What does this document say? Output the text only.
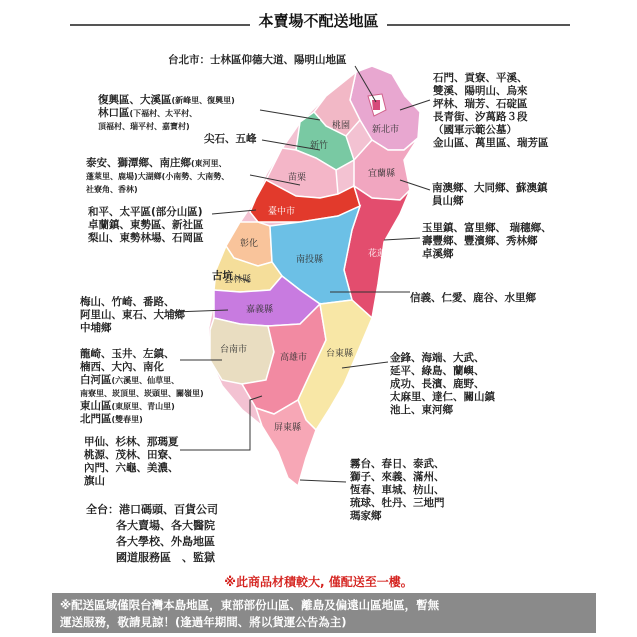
本賣場不配送地區
桃園
新竹
新北市
苗栗	宜蘭縣
臺中市
花蓮縣
彰化
南投縣
雲林縣
嘉義縣
台南市
高雄市 台東縣
屏東縣
台北市：士林區仰德大道、陽明山地區
石門、貢寮、平溪、
雙溪、陽明山、烏來
坪林、瑞芳、石碇區
長青街、汐萬路３段
（國軍示範公墓）
金山區、萬里區、瑞芳區
復興區、大溪區(新峰里、復興里)
林口區(下福村、太平村、
頂福村、瑞平村、嘉寶村)
尖石、五峰
泰安、獅潭鄉、南庄鄉(東河里、
蓬萊里、鹿場)大湖鄉(小南勢、大南勢、
社寮角、香林)	南澳鄉、大同鄉、蘇澳鎮
員山鄉
和平、太平區(部分山區)
卓蘭鎮、東勢區、新社區
梨山、東勢林場、石岡區
玉里鎮、富里鄉、 瑞穗鄉、
壽豐鄉、豐濱鄉、秀林鄉
卓溪鄉
古坑
信義、仁愛、鹿谷、水里鄉
梅山、竹崎、番路、
阿里山、東石、大埔鄉
中埔鄉
龍崎、玉井、左鎮、
楠西、大內、南化
白河區(六溪里、仙草里、
南寮里、崁頂里、崁頭里、關嶺里)
東山區(東原里、青山里)
北門區(雙春里)
金鋒、海端、大武、
延平、綠島、蘭嶼、
成功、長濱、鹿野、
太麻里、達仁、關山鎮
池上、東河鄉
甲仙、杉林、那瑪夏
桃源、茂林、田寮、
內門、六龜、美濃、
旗山
霧台、春日、泰武、
獅子、來義、滿州、
恆春、車城、枋山、
琉球、牡丹、三地門
瑪家鄉
全台：港口碼頭、百貨公司
各大賣場、各大醫院
各大學校、外島地區
國道服務區　、監獄
※此商品材積較大, 僅配送至一樓。
※配送區域僅限台灣本島地區，東部部份山區、離島及偏遠山區地區，暫無
運送服務，敬請見諒！(逢過年期間、將以貨運公告為主)
